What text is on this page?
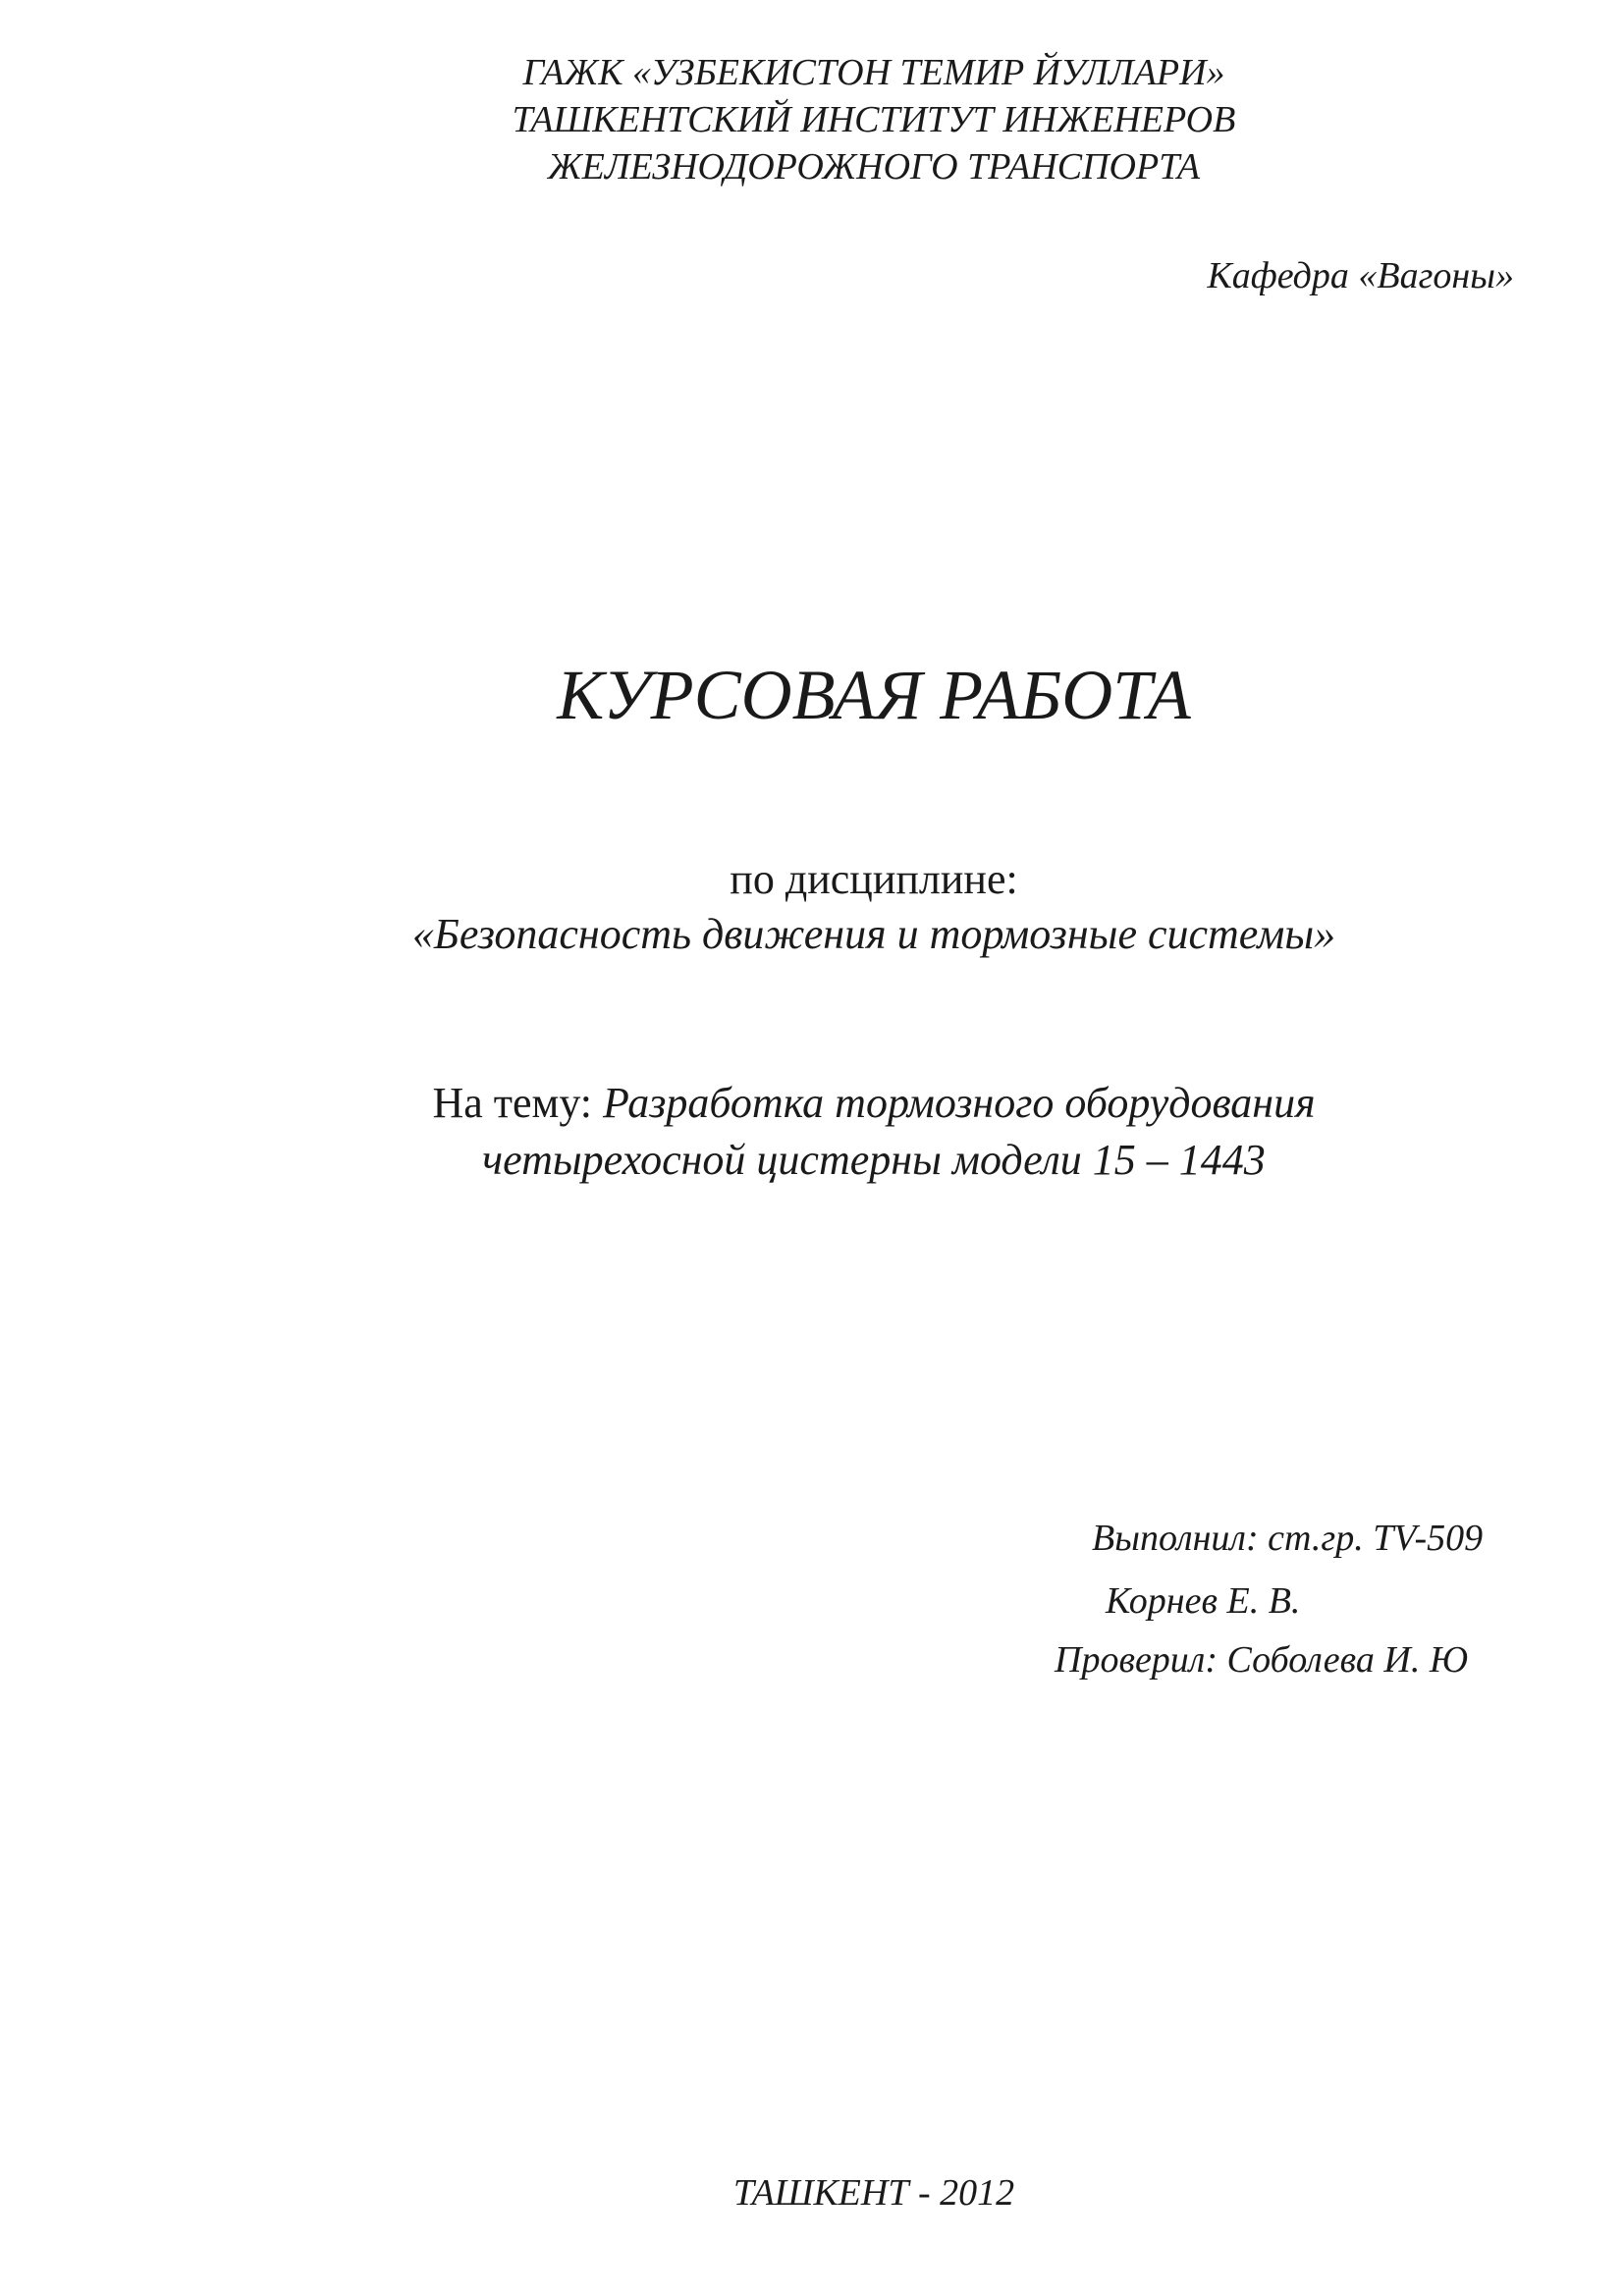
ГАЖК «УЗБЕКИСТОН ТЕМИР ЙУЛЛАРИ»
ТАШКЕНТСКИЙ ИНСТИТУТ ИНЖЕНЕРОВ
ЖЕЛЕЗНОДОРОЖНОГО ТРАНСПОРТА
Кафедра «Вагоны»
КУРСОВАЯ РАБОТА
по дисциплине:
«Безопасность движения и тормозные системы»
На тему: Разработка тормозного оборудования
четырехосной цистерны модели 15 – 1443
Выполнил: ст.гр. ТV-509
Корнев Е. В.
Проверил: Соболева И. Ю
ТАШКЕНТ - 2012
